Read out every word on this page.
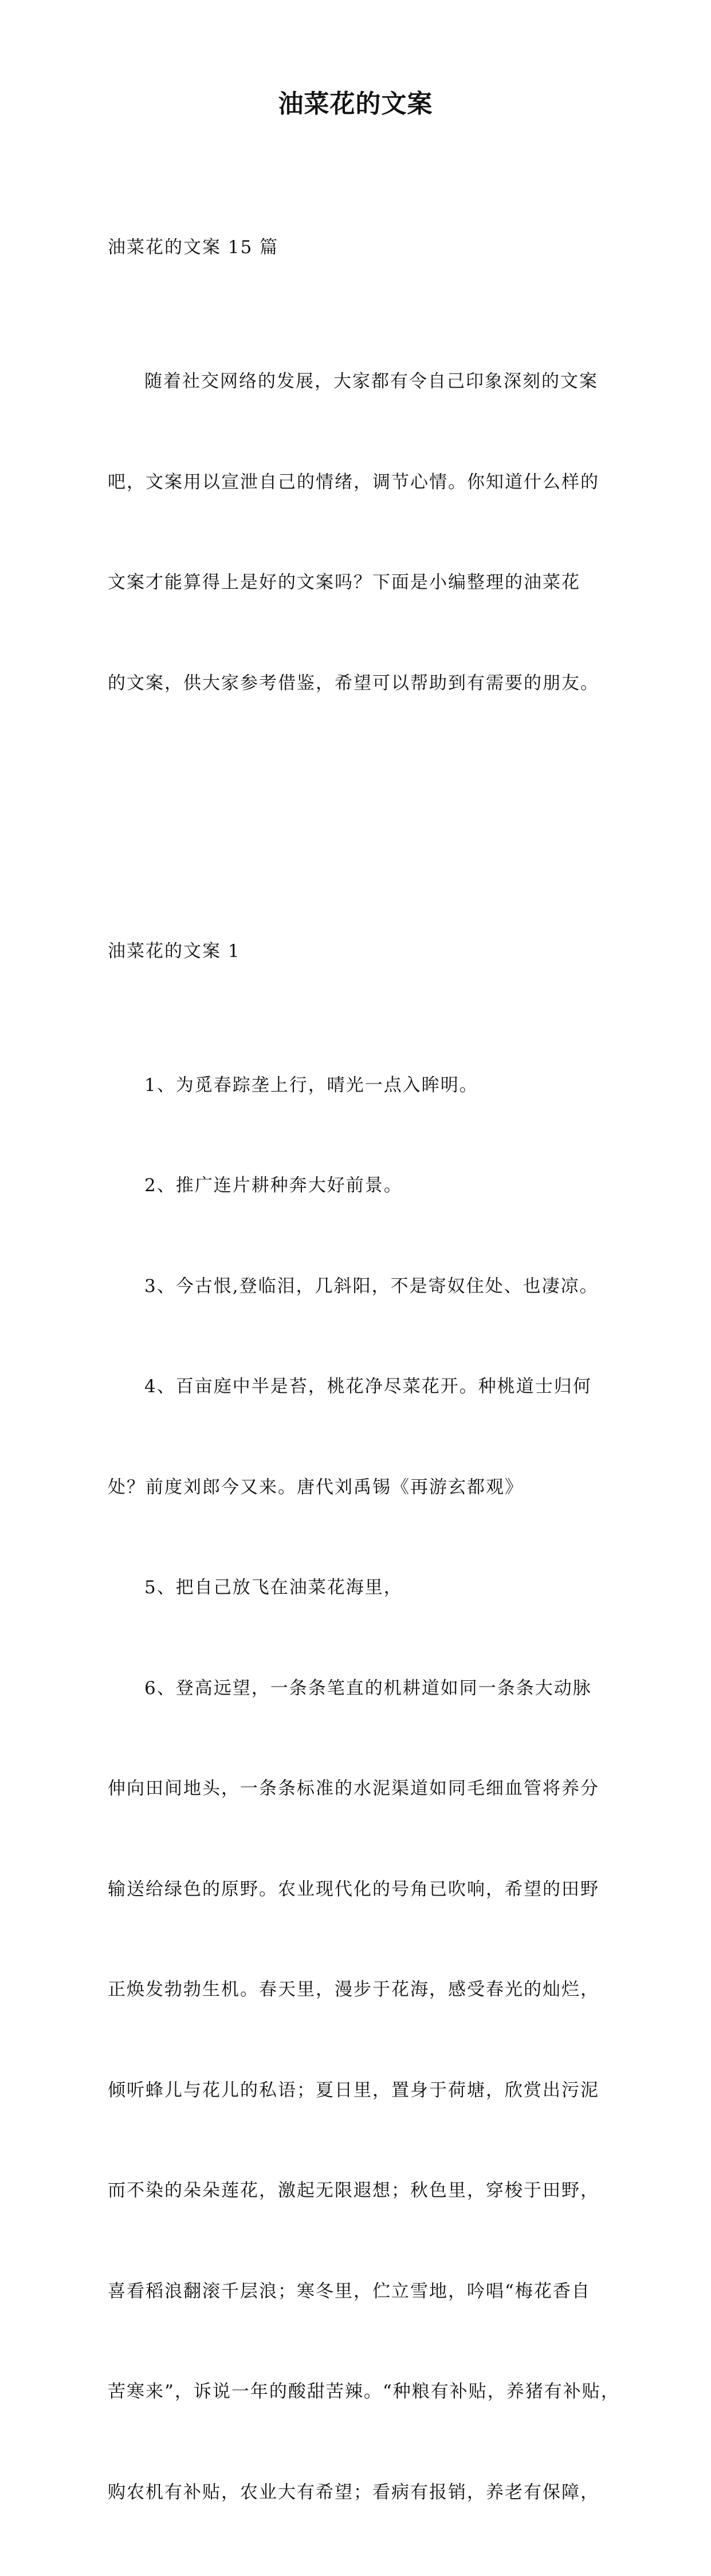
油菜花的文案

油菜花的文案 15 篇

随着社交网络的发展，大家都有令自己印象深刻的文案

吧，文案用以宣泄自己的情绪，调节心情。你知道什么样的

文案才能算得上是好的文案吗？下面是小编整理的油菜花

的文案，供大家参考借鉴，希望可以帮助到有需要的朋友。

油菜花的文案 1

1、为觅春踪垄上行，晴光一点入眸明。

2、推广连片耕种奔大好前景。

3、今古恨,登临泪，几斜阳，不是寄奴住处、也凄凉。

4、百亩庭中半是苔，桃花净尽菜花开。种桃道士归何

处？前度刘郎今又来。唐代刘禹锡《再游玄都观》

5、把自己放飞在油菜花海里，

6、登高远望，一条条笔直的机耕道如同一条条大动脉

伸向田间地头，一条条标准的水泥渠道如同毛细血管将养分

输送给绿色的原野。农业现代化的号角已吹响，希望的田野

正焕发勃勃生机。春天里，漫步于花海，感受春光的灿烂，

倾听蜂儿与花儿的私语；夏日里，置身于荷塘，欣赏出污泥

而不染的朵朵莲花，激起无限遐想；秋色里，穿梭于田野，

喜看稻浪翻滚千层浪；寒冬里，伫立雪地，吟唱“梅花香自

苦寒来”，诉说一年的酸甜苦辣。“种粮有补贴，养猪有补贴，

购农机有补贴，农业大有希望；看病有报销，养老有保障，
